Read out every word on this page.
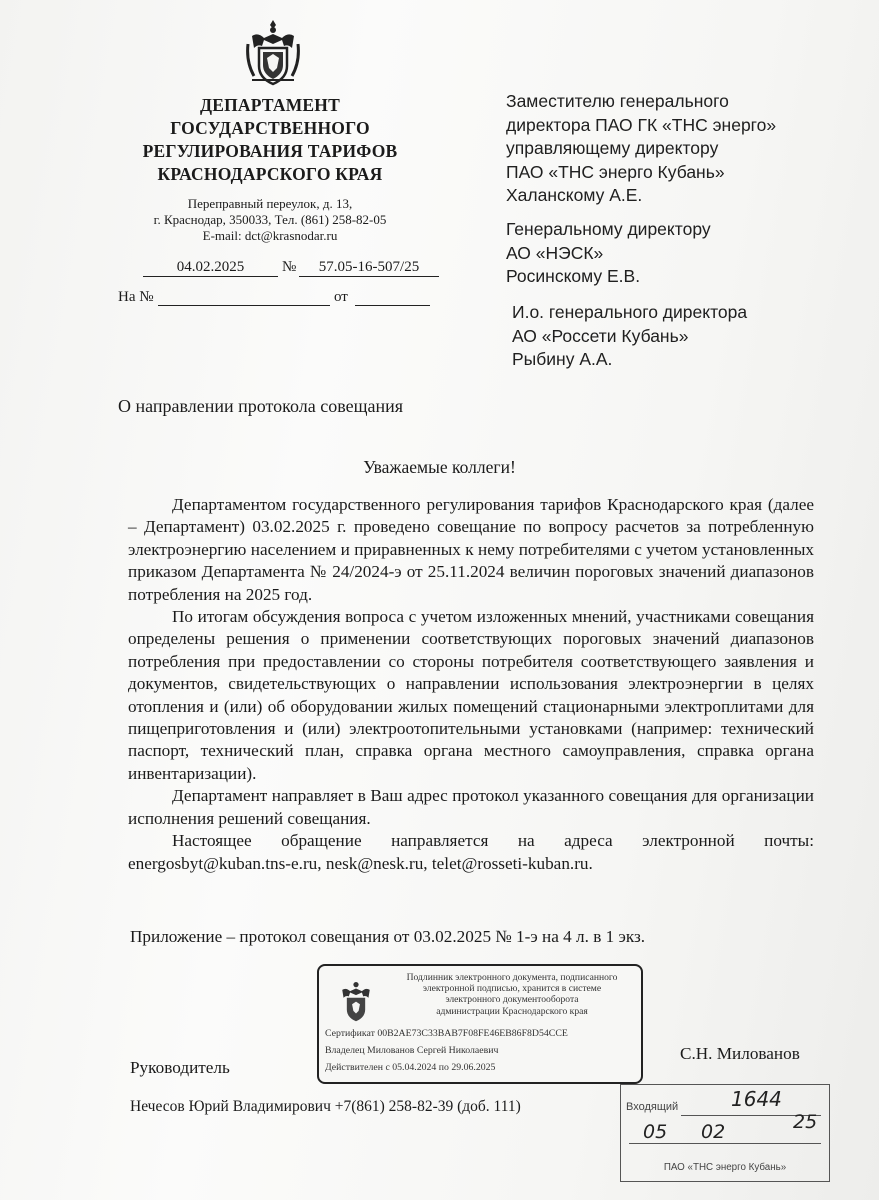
ДЕПАРТАМЕНТ
ГОСУДАРСТВЕННОГО
РЕГУЛИРОВАНИЯ ТАРИФОВ
КРАСНОДАРСКОГО КРАЯ
Переправный переулок, д. 13,
г. Краснодар, 350033, Тел. (861) 258-82-05
E-mail: dct@krasnodar.ru
04.02.2025	№	57.05-16-507/25
На №	от
Заместителю генерального
директора ПАО ГК «ТНС энерго»
управляющему директору
ПАО «ТНС энерго Кубань»
Халанскому А.Е.
Генеральному директору
АО «НЭСК»
Росинскому Е.В.
И.о. генерального директора
АО «Россети Кубань»
Рыбину А.А.
О направлении протокола совещания
Уважаемые коллеги!

Департаментом государственного регулирования тарифов Краснодарского края (далее – Департамент) 03.02.2025 г. проведено совещание по вопросу расчетов за потребленную электроэнергию населением и приравненных к нему потребителями с учетом установленных приказом Департамента № 24/2024-э от 25.11.2024 величин пороговых значений диапазонов потребления на 2025 год.

По итогам обсуждения вопроса с учетом изложенных мнений, участниками совещания определены решения о применении соответствующих пороговых значений диапазонов потребления при предоставлении со стороны потребителя соответствующего заявления и документов, свидетельствующих о направлении использования электроэнергии в целях отопления и (или) об оборудовании жилых помещений стационарными электроплитами для пищеприготовления и (или) электроотопительными установками (например: технический паспорт, технический план, справка органа местного самоуправления, справка органа инвентаризации).

Департамент направляет в Ваш адрес протокол указанного совещания для организации исполнения решений совещания.

Настоящее обращение направляется на адреса электронной почты: energosbyt@kuban.tns-e.ru, nesk@nesk.ru, telet@rosseti-kuban.ru.

Приложение – протокол совещания от 03.02.2025 № 1-э на 4 л. в 1 экз.
Подлинник электронного документа, подписанного
электронной подписью, хранится в системе
электронного документооборота
администрации Краснодарского края
Сертификат 00B2AE73C33BAB7F08FE46EB86F8D54CCE
Владелец Милованов Сергей Николаевич
Действителен с 05.04.2024 по 29.06.2025
Руководитель
С.Н. Милованов
Нечесов Юрий Владимирович +7(861) 258-82-39 (доб. 111)	Входящий	1644
05 02	25
ПАО «ТНС энерго Кубань»
